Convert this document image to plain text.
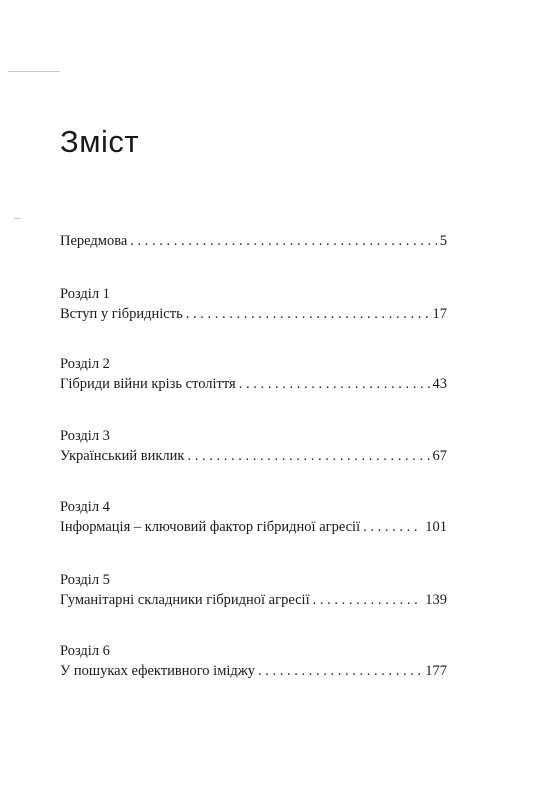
Зміст
Передмова . . .	5
Розділ 1
Вступ у гібридність . . .	17
Розділ 2
Гібриди війни крізь століття . . .	43
Розділ 3
Український виклик . . .	67
Розділ 4
Інформація – ключовий фактор гібридної агресії . . .	101
Розділ 5
Гуманітарні складники гібридної агресії . . .	139
Розділ 6
У пошуках ефективного іміджу . . .	177
